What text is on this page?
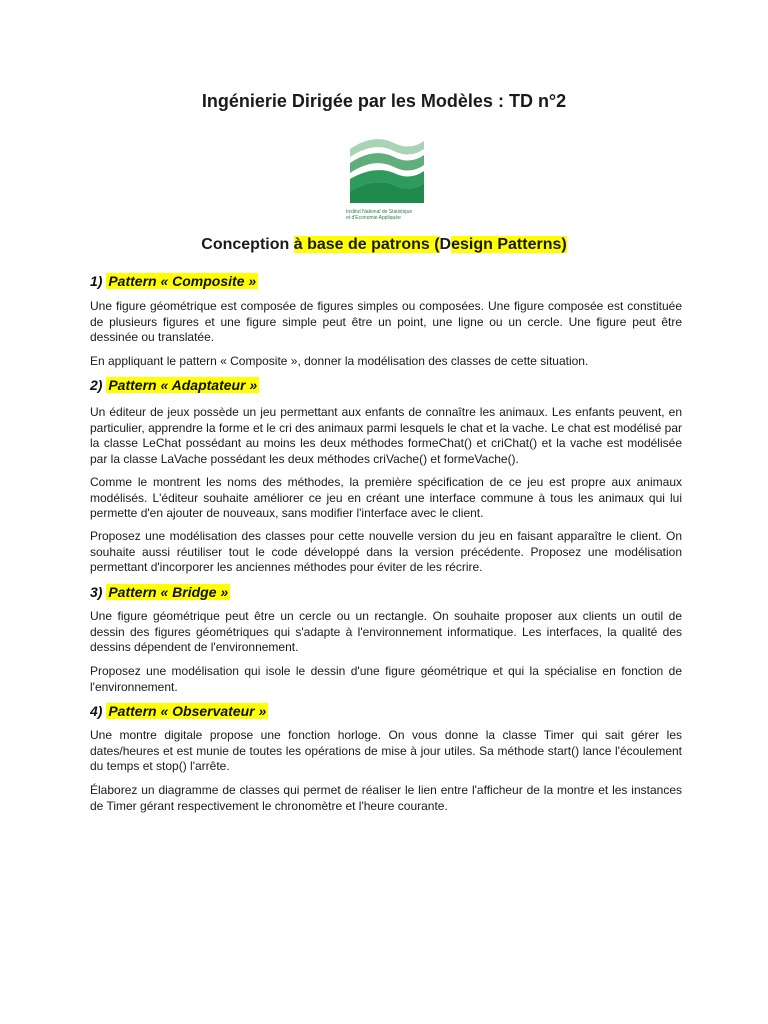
Ingénierie Dirigée par les Modèles : TD n°2
Institut National de Statistique
et d'Economie Appliquée
Conception à base de patrons (Design Patterns)
1) Pattern « Composite »
Une figure géométrique est composée de figures simples ou composées. Une figure composée est constituée de plusieurs figures et une figure simple peut être un point, une ligne ou un cercle. Une figure peut être dessinée ou translatée.
En appliquant le pattern « Composite », donner la modélisation des classes de cette situation.
2) Pattern « Adaptateur »
Un éditeur de jeux possède un jeu permettant aux enfants de connaître les animaux. Les enfants peuvent, en particulier, apprendre la forme et le cri des animaux parmi lesquels le chat et la vache. Le chat est modélisé par la classe LeChat possédant au moins les deux méthodes formeChat() et criChat() et la vache est modélisée par la classe LaVache possédant les deux méthodes criVache() et formeVache().
Comme le montrent les noms des méthodes, la première spécification de ce jeu est propre aux animaux modélisés. L'éditeur souhaite améliorer ce jeu en créant une interface commune à tous les animaux qui lui permette d'en ajouter de nouveaux, sans modifier l'interface avec le client.
Proposez une modélisation des classes pour cette nouvelle version du jeu en faisant apparaître le client. On souhaite aussi réutiliser tout le code développé dans la version précédente. Proposez une modélisation permettant d'incorporer les anciennes méthodes pour éviter de les récrire.
3) Pattern « Bridge »
Une figure géométrique peut être un cercle ou un rectangle. On souhaite proposer aux clients un outil de dessin des figures géométriques qui s'adapte à l'environnement informatique. Les interfaces, la qualité des dessins dépendent de l'environnement.
Proposez une modélisation qui isole le dessin d'une figure géométrique et qui la spécialise en fonction de l'environnement.
4) Pattern « Observateur »
Une montre digitale propose une fonction horloge. On vous donne la classe Timer qui sait gérer les dates/heures et est munie de toutes les opérations de mise à jour utiles. Sa méthode start() lance l'écoulement du temps et stop() l'arrête.
Élaborez un diagramme de classes qui permet de réaliser le lien entre l'afficheur de la montre et les instances de Timer gérant respectivement le chronomètre et l'heure courante.
